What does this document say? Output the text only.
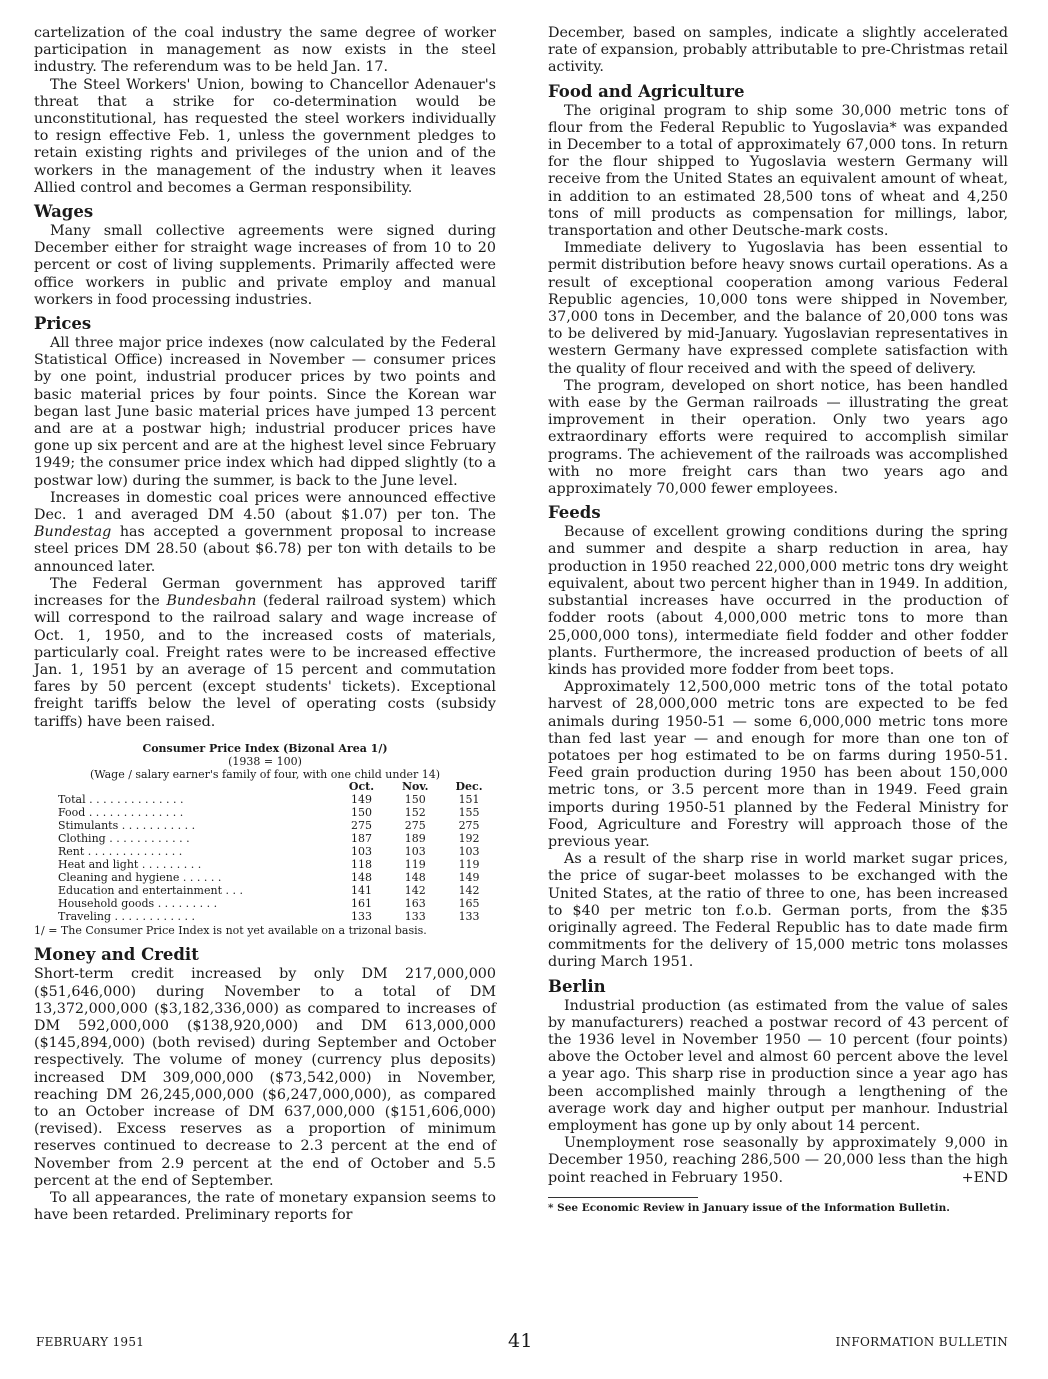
cartelization of the coal industry the same degree of worker participation in management as now exists in the steel industry. The referendum was to be held Jan. 17.

The Steel Workers' Union, bowing to Chancellor Adenauer's threat that a strike for co-determination would be unconstitutional, has requested the steel workers individually to resign effective Feb. 1, unless the government pledges to retain existing rights and privileges of the union and of the workers in the management of the industry when it leaves Allied control and becomes a German responsibility.

Wages

Many small collective agreements were signed during December either for straight wage increases of from 10 to 20 percent or cost of living supplements. Primarily affected were office workers in public and private employ and manual workers in food processing industries.

Prices

All three major price indexes (now calculated by the Federal Statistical Office) increased in November — consumer prices by one point, industrial producer prices by two points and basic material prices by four points. Since the Korean war began last June basic material prices have jumped 13 percent and are at a postwar high; industrial producer prices have gone up six percent and are at the highest level since February 1949; the consumer price index which had dipped slightly (to a postwar low) during the summer, is back to the June level.

Increases in domestic coal prices were announced effective Dec. 1 and averaged DM 4.50 (about $1.07) per ton. The Bundestag has accepted a government proposal to increase steel prices DM 28.50 (about $6.78) per ton with details to be announced later.

The Federal German government has approved tariff increases for the Bundesbahn (federal railroad system) which will correspond to the railroad salary and wage increase of Oct. 1, 1950, and to the increased costs of materials, particularly coal. Freight rates were to be increased effective Jan. 1, 1951 by an average of 15 percent and commutation fares by 50 percent (except students' tickets). Exceptional freight tariffs below the level of operating costs (subsidy tariffs) have been raised.

Consumer Price Index (Bizonal Area 1/)
(1938 = 100)
(Wage / salary earner's family of four, with one child under 14)
	Oct.	Nov.	Dec.
Total . . . . . . . . . . . . . .	149	150	151
Food . . . . . . . . . . . . . .	150	152	155
Stimulants . . . . . . . . . . .	275	275	275
Clothing . . . . . . . . . . . .	187	189	192
Rent . . . . . . . . . . . . . .	103	103	103
Heat and light . . . . . . . . .	118	119	119
Cleaning and hygiene . . . . . .	148	148	149
Education and entertainment . . .	141	142	142
Household goods . . . . . . . . .	161	163	165
Traveling . . . . . . . . . . . .	133	133	133
1/ = The Consumer Price Index is not yet available on a trizonal basis.
Money and Credit

Short-term credit increased by only DM 217,000,000 ($51,646,000) during November to a total of DM 13,372,000,000 ($3,182,336,000) as compared to increases of DM 592,000,000 ($138,920,000) and DM 613,000,000 ($145,894,000) (both revised) during September and October respectively. The volume of money (currency plus deposits) increased DM 309,000,000 ($73,542,000) in November, reaching DM 26,245,000,000 ($6,247,000,000), as compared to an October increase of DM 637,000,000 ($151,606,000) (revised). Excess reserves as a proportion of minimum reserves continued to decrease to 2.3 percent at the end of November from 2.9 percent at the end of October and 5.5 percent at the end of September.

To all appearances, the rate of monetary expansion seems to have been retarded. Preliminary reports for

December, based on samples, indicate a slightly accelerated rate of expansion, probably attributable to pre-Christmas retail activity.

Food and Agriculture

The original program to ship some 30,000 metric tons of flour from the Federal Republic to Yugoslavia* was expanded in December to a total of approximately 67,000 tons. In return for the flour shipped to Yugoslavia western Germany will receive from the United States an equivalent amount of wheat, in addition to an estimated 28,500 tons of wheat and 4,250 tons of mill products as compensation for millings, labor, transportation and other Deutsche-mark costs.

Immediate delivery to Yugoslavia has been essential to permit distribution before heavy snows curtail operations. As a result of exceptional cooperation among various Federal Republic agencies, 10,000 tons were shipped in November, 37,000 tons in December, and the balance of 20,000 tons was to be delivered by mid-January. Yugoslavian representatives in western Germany have expressed complete satisfaction with the quality of flour received and with the speed of delivery.

The program, developed on short notice, has been handled with ease by the German railroads — illustrating the great improvement in their operation. Only two years ago extraordinary efforts were required to accomplish similar programs. The achievement of the railroads was accomplished with no more freight cars than two years ago and approximately 70,000 fewer employees.

Feeds

Because of excellent growing conditions during the spring and summer and despite a sharp reduction in area, hay production in 1950 reached 22,000,000 metric tons dry weight equivalent, about two percent higher than in 1949. In addition, substantial increases have occurred in the production of fodder roots (about 4,000,000 metric tons to more than 25,000,000 tons), intermediate field fodder and other fodder plants. Furthermore, the increased production of beets of all kinds has provided more fodder from beet tops.

Approximately 12,500,000 metric tons of the total potato harvest of 28,000,000 metric tons are expected to be fed animals during 1950-51 — some 6,000,000 metric tons more than fed last year — and enough for more than one ton of potatoes per hog estimated to be on farms during 1950-51. Feed grain production during 1950 has been about 150,000 metric tons, or 3.5 percent more than in 1949. Feed grain imports during 1950-51 planned by the Federal Ministry for Food, Agriculture and Forestry will approach those of the previous year.

As a result of the sharp rise in world market sugar prices, the price of sugar-beet molasses to be exchanged with the United States, at the ratio of three to one, has been increased to $40 per metric ton f.o.b. German ports, from the $35 originally agreed. The Federal Republic has to date made firm commitments for the delivery of 15,000 metric tons molasses during March 1951.

Berlin

Industrial production (as estimated from the value of sales by manufacturers) reached a postwar record of 43 percent of the 1936 level in November 1950 — 10 percent (four points) above the October level and almost 60 percent above the level a year ago. This sharp rise in production since a year ago has been accomplished mainly through a lengthening of the average work day and higher output per manhour. Industrial employment has gone up by only about 14 percent.

Unemployment rose seasonally by approximately 9,000 in December 1950, reaching 286,500 — 20,000 less than the high point reached in February 1950.	+END

* See Economic Review in January issue of the Information Bulletin.
FEBRUARY 1951	41	INFORMATION BULLETIN
